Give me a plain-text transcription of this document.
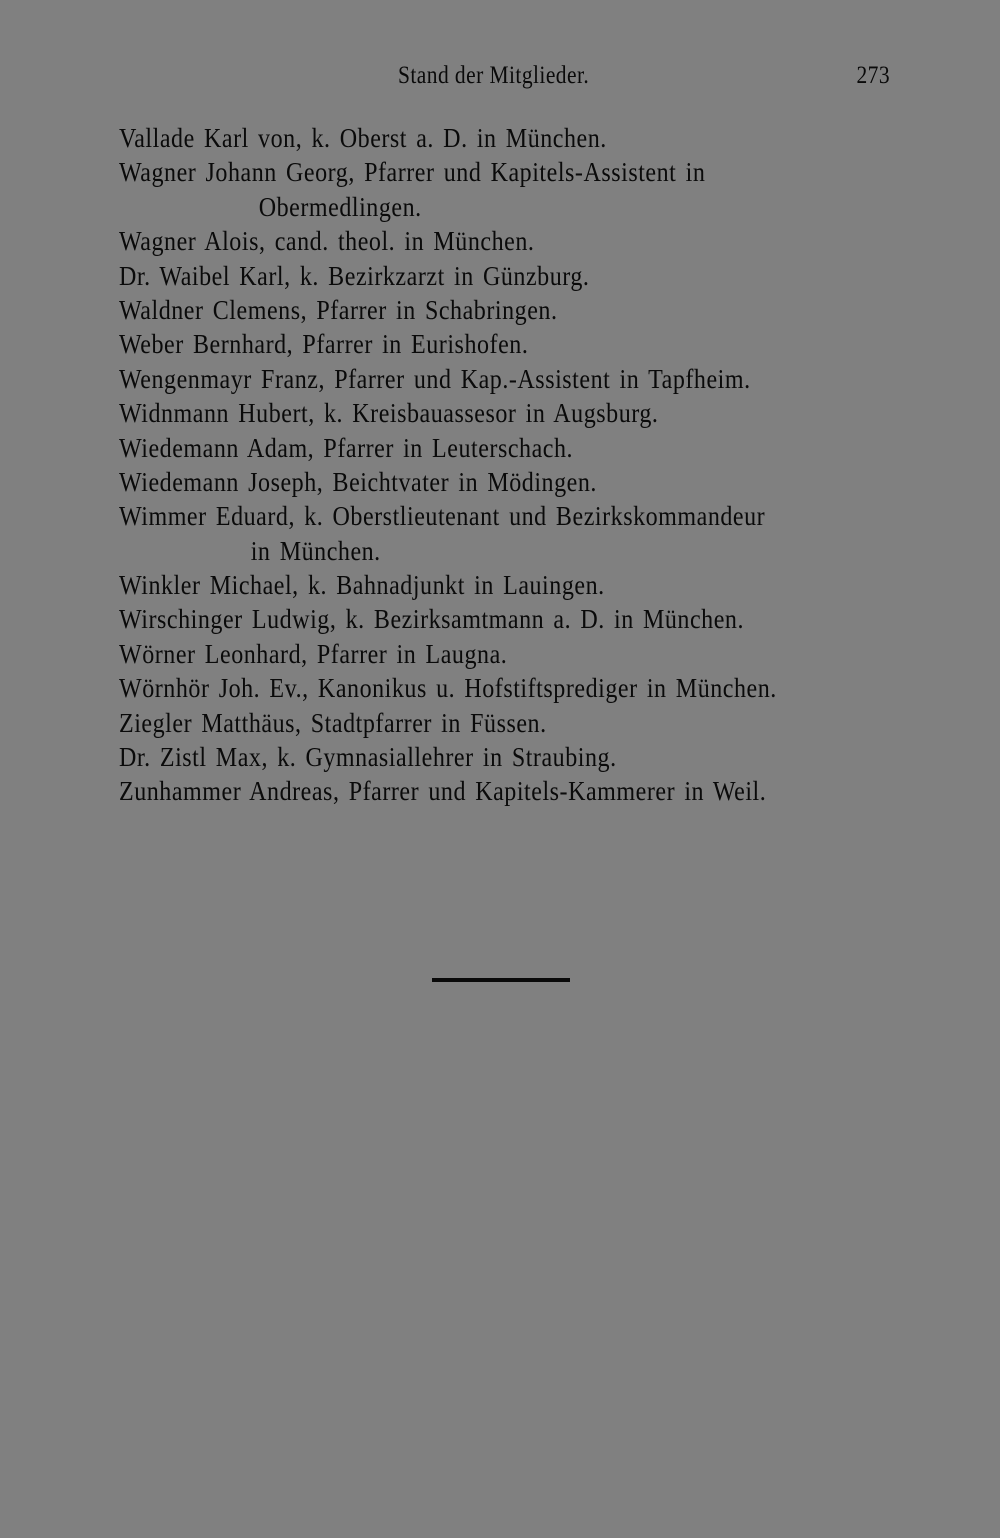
Stand der Mitglieder.	273
Vallade Karl von, k. Oberst a. D. in München.
Wagner Johann Georg, Pfarrer und Kapitels-Assistent in
Obermedlingen.
Wagner Alois, cand. theol. in München.
Dr. Waibel Karl, k. Bezirkzarzt in Günzburg.
Waldner Clemens, Pfarrer in Schabringen.
Weber Bernhard, Pfarrer in Eurishofen.
Wengenmayr Franz, Pfarrer und Kap.-Assistent in Tapfheim.
Widnmann Hubert, k. Kreisbauassesor in Augsburg.
Wiedemann Adam, Pfarrer in Leuterschach.
Wiedemann Joseph, Beichtvater in Mödingen.
Wimmer Eduard, k. Oberstlieutenant und Bezirkskommandeur
in München.
Winkler Michael, k. Bahnadjunkt in Lauingen.
Wirschinger Ludwig, k. Bezirksamtmann a. D. in München.
Wörner Leonhard, Pfarrer in Laugna.
Wörnhör Joh. Ev., Kanonikus u. Hofstiftsprediger in München.
Ziegler Matthäus, Stadtpfarrer in Füssen.
Dr. Zistl Max, k. Gymnasiallehrer in Straubing.
Zunhammer Andreas, Pfarrer und Kapitels-Kammerer in Weil.
